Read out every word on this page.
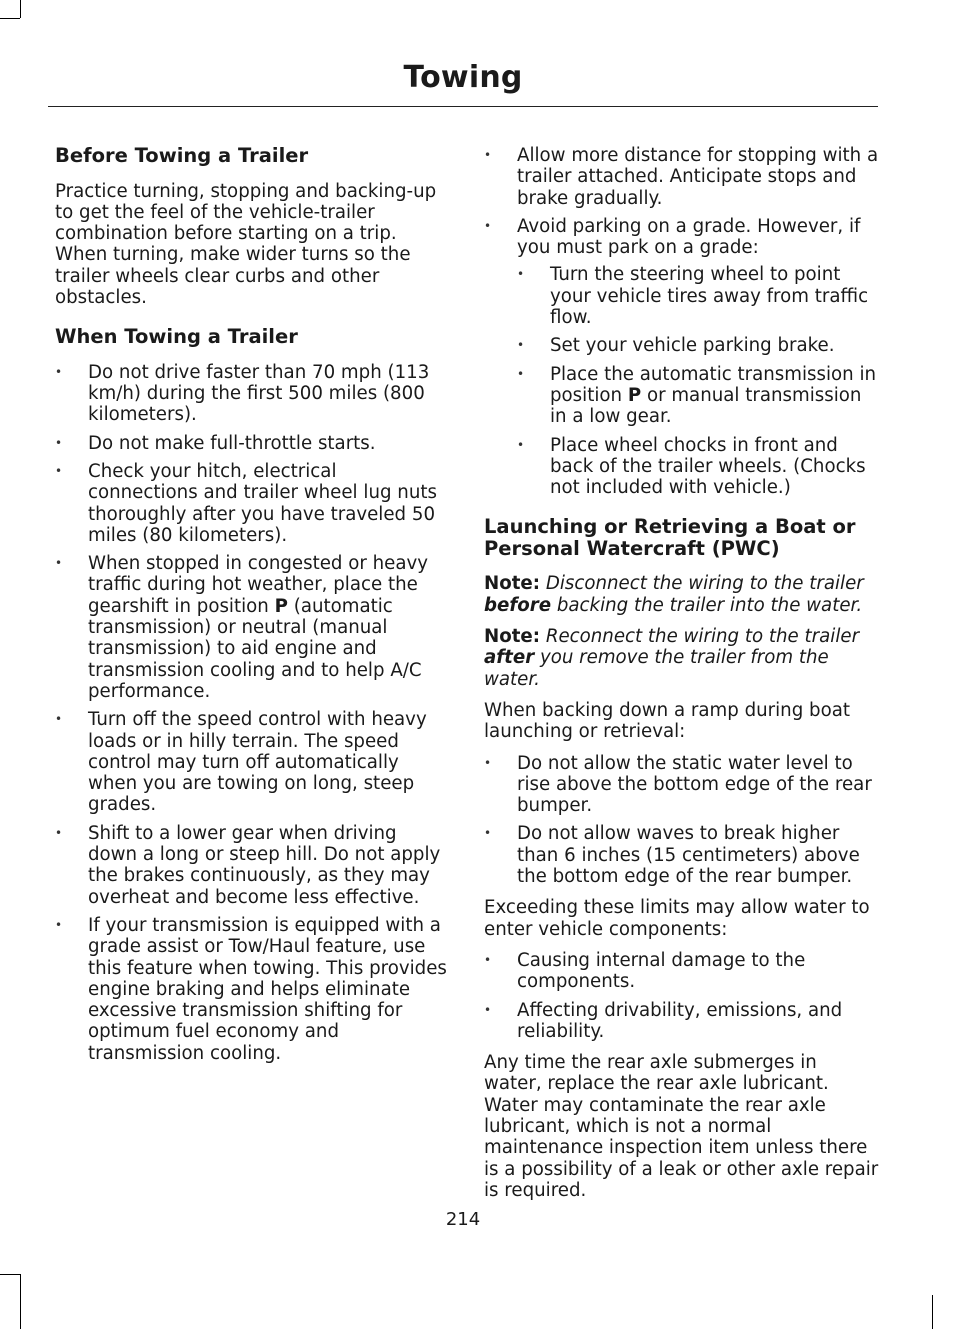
Towing
Before Towing a Trailer

Practice turning, stopping and backing-up to get the feel of the vehicle-trailer combination before starting on a trip. When turning, make wider turns so the trailer wheels clear curbs and other obstacles.

When Towing a Trailer
• Do not drive faster than 70 mph (113 km/h) during the first 500 miles (800 kilometers).
• Do not make full-throttle starts.
• Check your hitch, electrical connections and trailer wheel lug nuts thoroughly after you have traveled 50 miles (80 kilometers).
• When stopped in congested or heavy traffic during hot weather, place the gearshift in position P (automatic transmission) or neutral (manual transmission) to aid engine and transmission cooling and to help A/C performance.
• Turn off the speed control with heavy loads or in hilly terrain. The speed control may turn off automatically when you are towing on long, steep grades.
• Shift to a lower gear when driving down a long or steep hill. Do not apply the brakes continuously, as they may overheat and become less effective.
• If your transmission is equipped with a grade assist or Tow/Haul feature, use this feature when towing. This provides engine braking and helps eliminate excessive transmission shifting for optimum fuel economy and transmission cooling.
• Allow more distance for stopping with a trailer attached. Anticipate stops and brake gradually.
• Avoid parking on a grade. However, if you must park on a grade:
• Turn the steering wheel to point your vehicle tires away from traffic flow.
• Set your vehicle parking brake.
• Place the automatic transmission in position P or manual transmission in a low gear.
• Place wheel chocks in front and back of the trailer wheels. (Chocks not included with vehicle.)
Launching or Retrieving a Boat or Personal Watercraft (PWC)

Note: Disconnect the wiring to the trailer before backing the trailer into the water.

Note: Reconnect the wiring to the trailer after you remove the trailer from the water.

When backing down a ramp during boat launching or retrieval:

• Do not allow the static water level to rise above the bottom edge of the rear bumper.
• Do not allow waves to break higher than 6 inches (15 centimeters) above the bottom edge of the rear bumper.

Exceeding these limits may allow water to enter vehicle components:

• Causing internal damage to the components.
• Affecting drivability, emissions, and reliability.

Any time the rear axle submerges in water, replace the rear axle lubricant. Water may contaminate the rear axle lubricant, which is not a normal maintenance inspection item unless there is a possibility of a leak or other axle repair is required.

214
